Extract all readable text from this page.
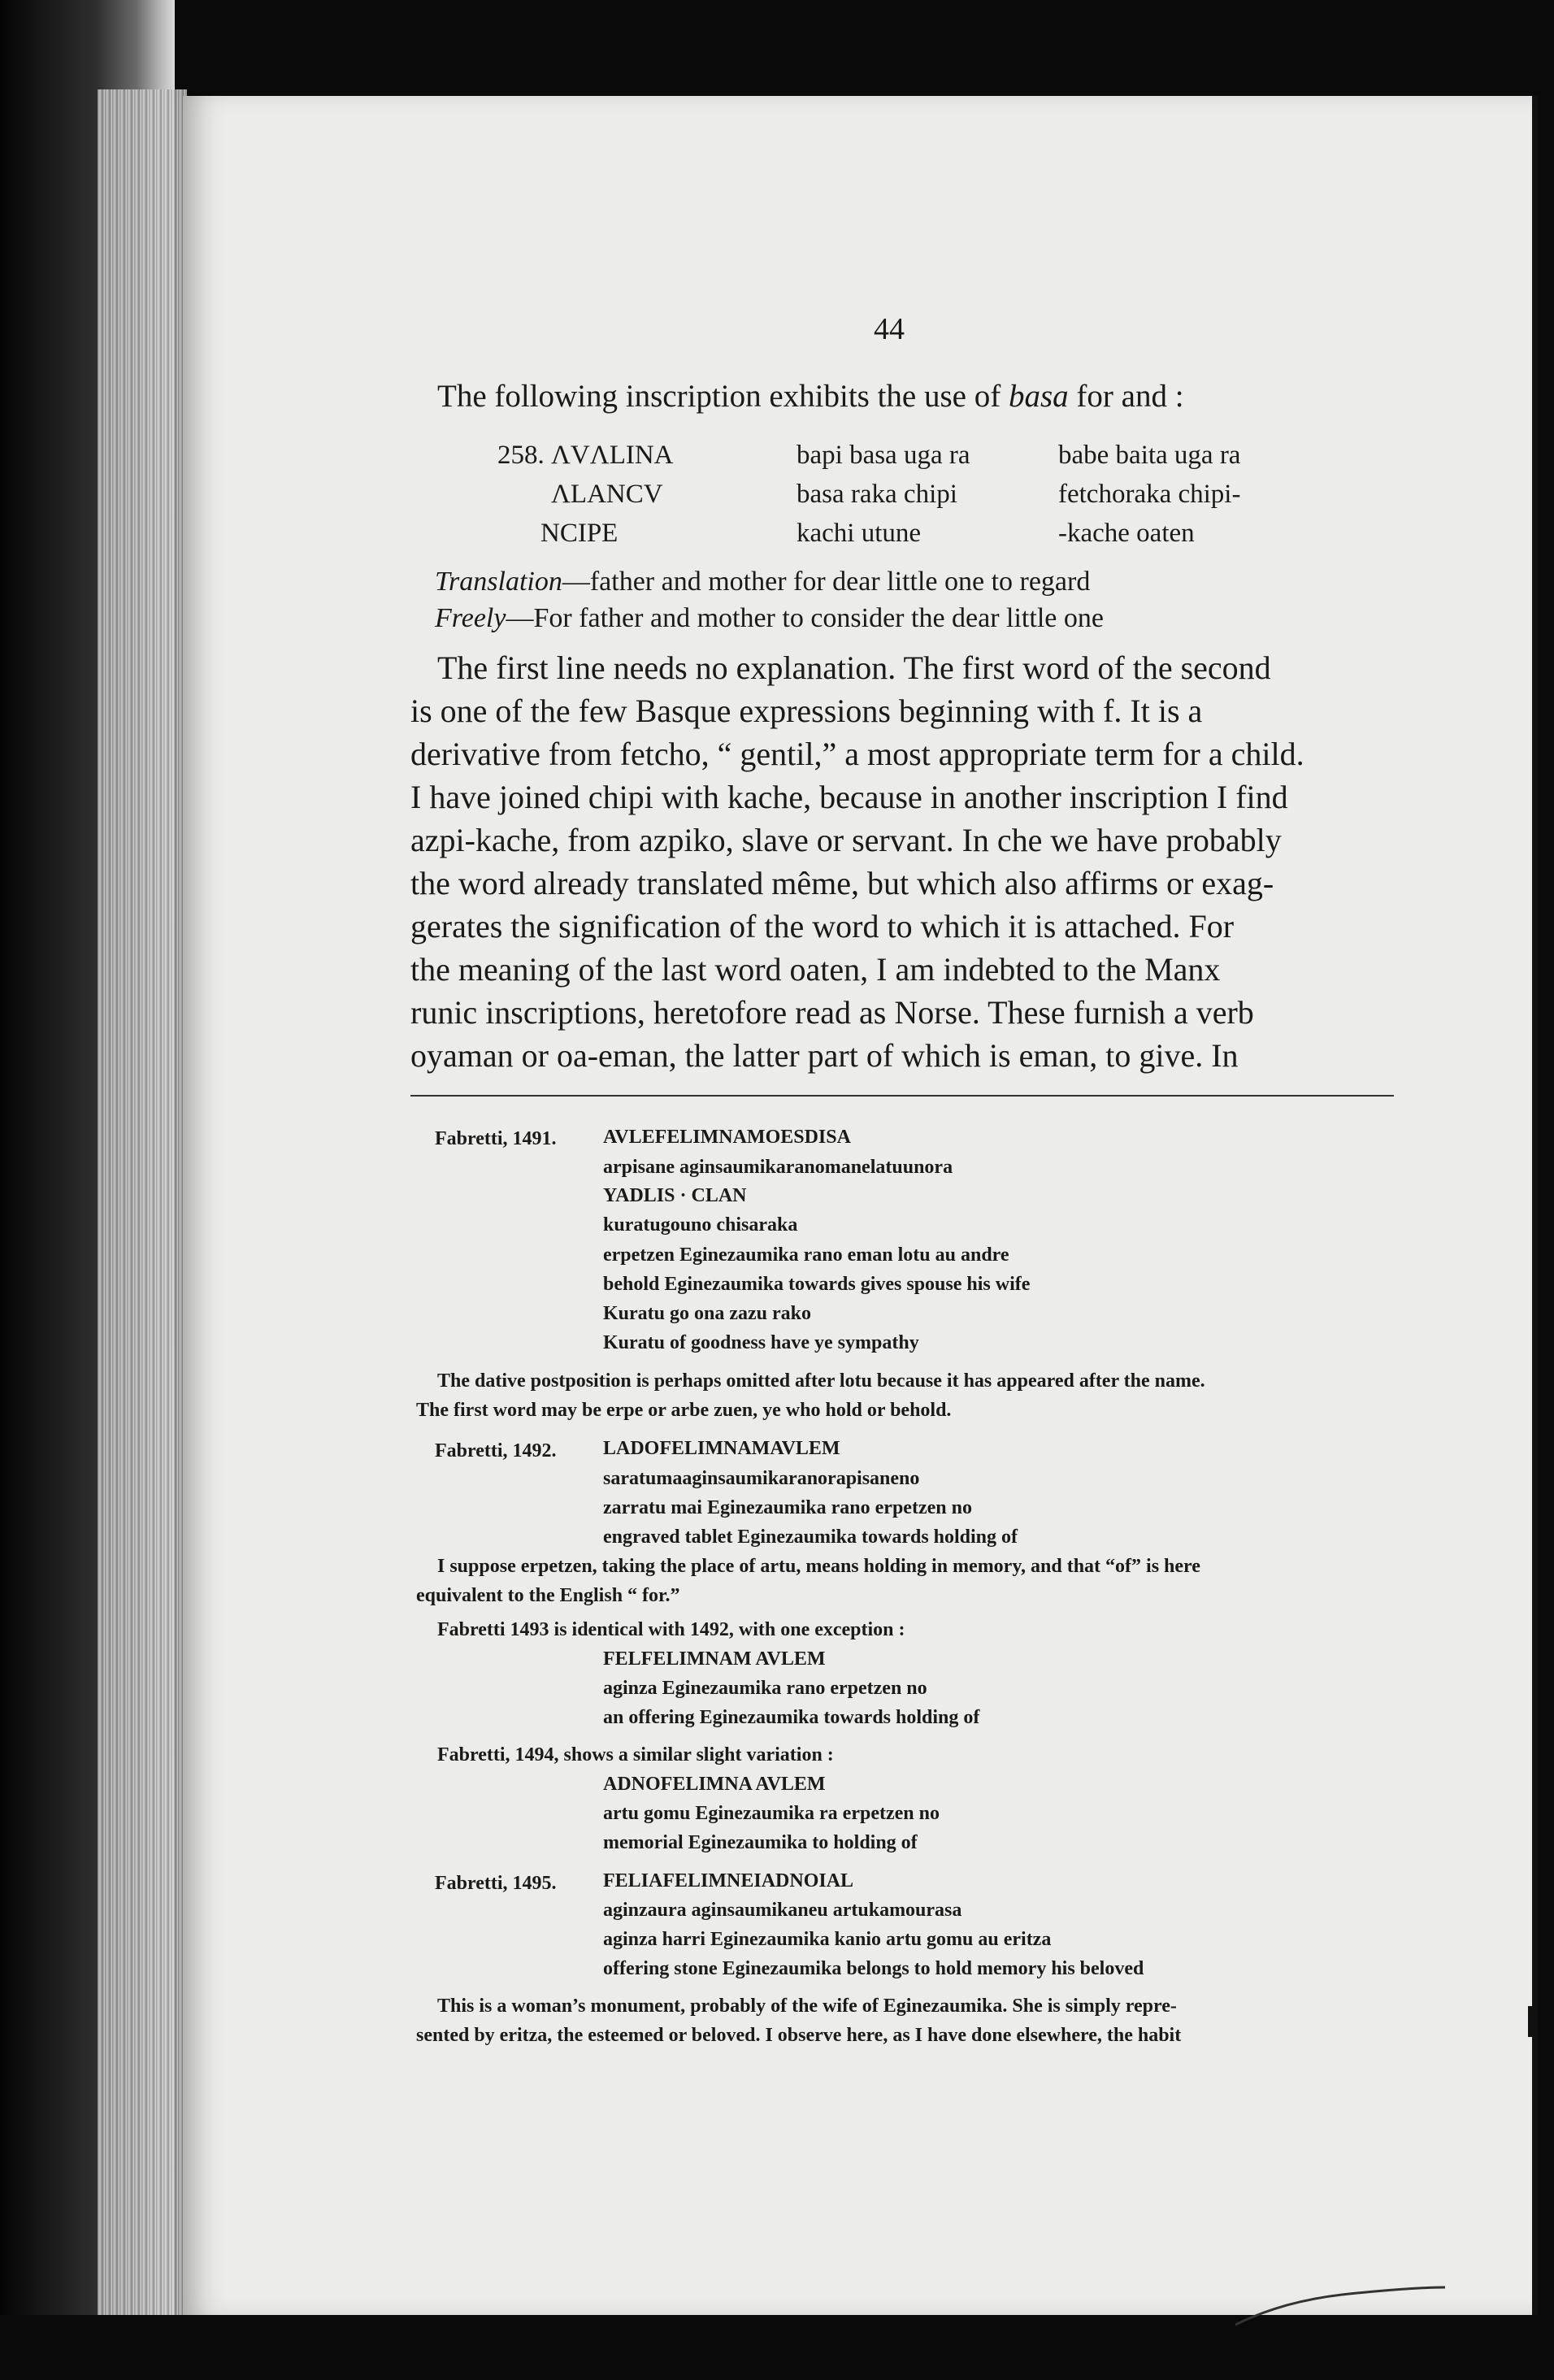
44
The following inscription exhibits the use of basa for and :
258. ΛVΛLINA
ΛLANCV
NCIPE
bapi basa uga ra
basa raka chipi
kachi utune
babe baita uga ra
fetchoraka chipi-
-kache oaten
Translation—father and mother for dear little one to regard
Freely—For father and mother to consider the dear little one
The first line needs no explanation. The first word of the second
is one of the few Basque expressions beginning with f. It is a
derivative from fetcho, “ gentil,” a most appropriate term for a child.
I have joined chipi with kache, because in another inscription I find
azpi-kache, from azpiko, slave or servant. In che we have probably
the word already translated même, but which also affirms or exag-
gerates the signification of the word to which it is attached. For
the meaning of the last word oaten, I am indebted to the Manx
runic inscriptions, heretofore read as Norse. These furnish a verb
oyaman or oa-eman, the latter part of which is eman, to give. In
Fabretti, 1491. AVLEFELIMNAMOESDISA
arpisane aginsaumikaranomanelatuunora
YADLIS · CLAN
kuratugouno chisaraka
erpetzen Eginezaumika rano eman lotu au andre
behold Eginezaumika towards gives spouse his wife
Kuratu go ona zazu rako
Kuratu of goodness have ye sympathy
The dative postposition is perhaps omitted after lotu because it has appeared after the name.
The first word may be erpe or arbe zuen, ye who hold or behold.
Fabretti, 1492. LADOFELIMNAMAVLEM
saratumaaginsaumikaranorapisaneno
zarratu mai Eginezaumika rano erpetzen no
engraved tablet Eginezaumika towards holding of
I suppose erpetzen, taking the place of artu, means holding in memory, and that “of” is here
equivalent to the English “ for.”
Fabretti 1493 is identical with 1492, with one exception :
FELFELIMNAM AVLEM
aginza Eginezaumika rano erpetzen no
an offering Eginezaumika towards holding of
Fabretti, 1494, shows a similar slight variation :
ADNOFELIMNA AVLEM
artu gomu Eginezaumika ra erpetzen no
memorial Eginezaumika to holding of
Fabretti, 1495. FELIAFELIMNEIADNOIAL
aginzaura aginsaumikaneu artukamourasa
aginza harri Eginezaumika kanio artu gomu au eritza
offering stone Eginezaumika belongs to hold memory his beloved
This is a woman’s monument, probably of the wife of Eginezaumika. She is simply repre-
sented by eritza, the esteemed or beloved. I observe here, as I have done elsewhere, the habit
